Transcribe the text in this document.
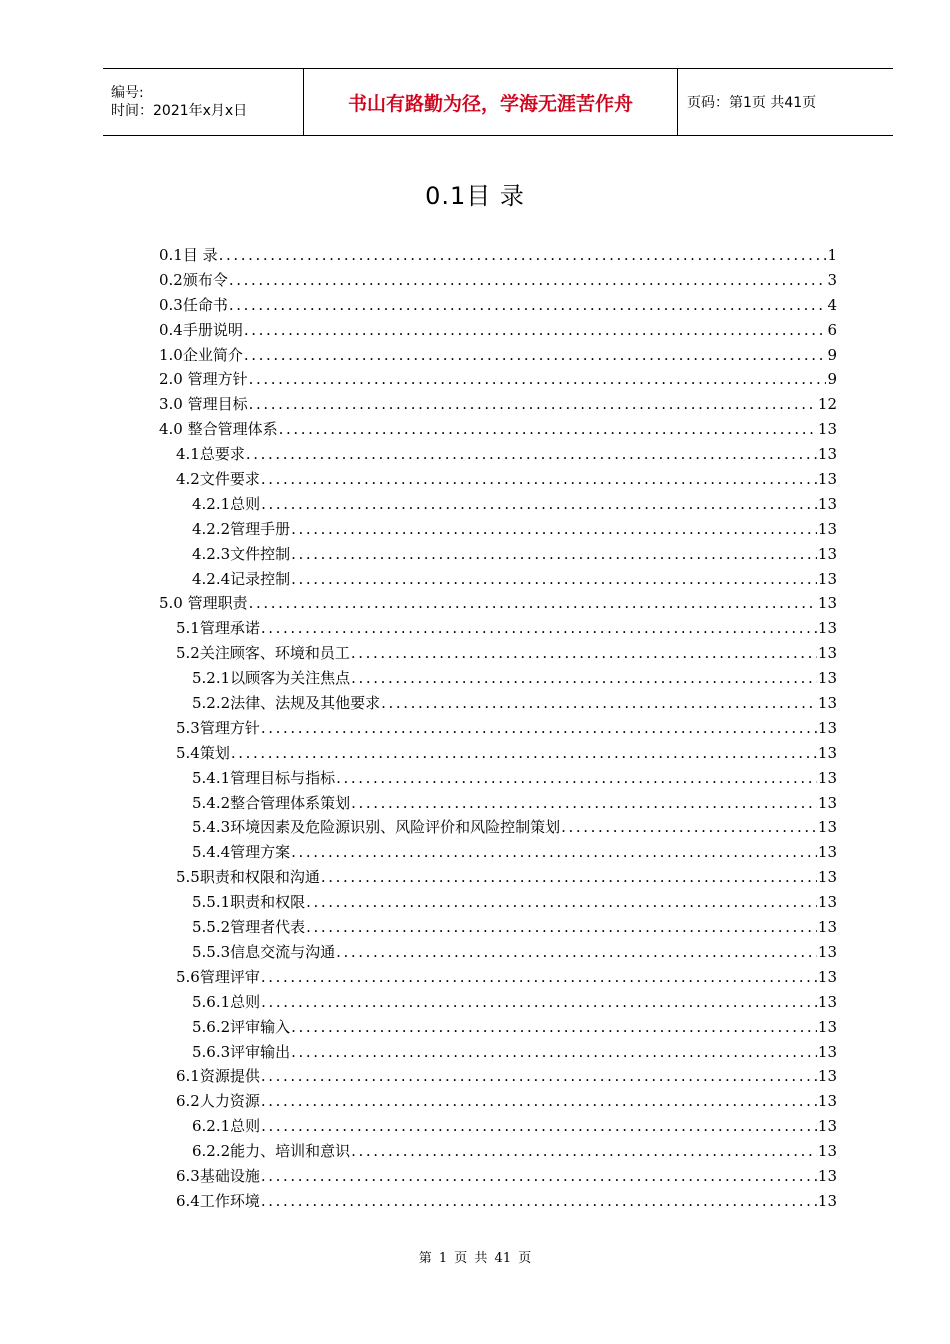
编号:
时间：2021年x月x日	书山有路勤为径，学海无涯苦作舟	页码：第1页 共41页
0.1目 录
0.1目 录 .....	1
0.2颁布令 .....	3
0.3任命书 .....	4
0.4手册说明 .....	6
1.0企业简介 .....	9
2.0 管理方针 .....	9
3.0 管理目标 .....	12
4.0 整合管理体系 .....	13
4.1总要求 .....	13
4.2文件要求 .....	13
4.2.1总则 .....	13
4.2.2管理手册 .....	13
4.2.3文件控制 .....	13
4.2.4记录控制 .....	13
5.0 管理职责 .....	13
5.1管理承诺 .....	13
5.2关注顾客、环境和员工 .....	13
5.2.1以顾客为关注焦点 .....	13
5.2.2法律、法规及其他要求 .....	13
5.3管理方针 .....	13
5.4策划 .....	13
5.4.1管理目标与指标 .....	13
5.4.2整合管理体系策划 .....	13
5.4.3环境因素及危险源识别、风险评价和风险控制策划 .....	13
5.4.4管理方案 .....	13
5.5职责和权限和沟通 .....	13
5.5.1职责和权限 .....	13
5.5.2管理者代表 .....	13
5.5.3信息交流与沟通 .....	13
5.6管理评审 .....	13
5.6.1总则 .....	13
5.6.2评审输入 .....	13
5.6.3评审输出 .....	13
6.1资源提供 .....	13
6.2人力资源 .....	13
6.2.1总则 .....	13
6.2.2能力、培训和意识 .....	13
6.3基础设施 .....	13
6.4工作环境 .....	13
第 1 页 共 41 页
